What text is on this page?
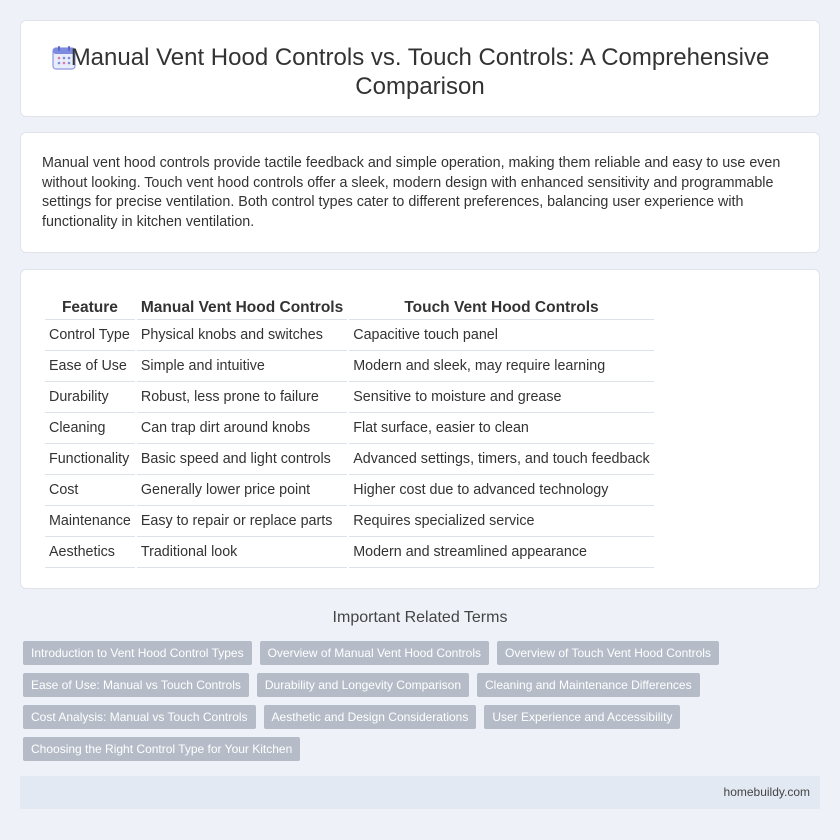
Manual Vent Hood Controls vs. Touch Controls: A Comprehensive Comparison

Manual vent hood controls provide tactile feedback and simple operation, making them reliable and easy to use even without looking. Touch vent hood controls offer a sleek, modern design with enhanced sensitivity and programmable settings for precise ventilation. Both control types cater to different preferences, balancing user experience with functionality in kitchen ventilation.

Feature	Manual Vent Hood Controls	Touch Vent Hood Controls
Control Type	Physical knobs and switches	Capacitive touch panel
Ease of Use	Simple and intuitive	Modern and sleek, may require learning
Durability	Robust, less prone to failure	Sensitive to moisture and grease
Cleaning	Can trap dirt around knobs	Flat surface, easier to clean
Functionality	Basic speed and light controls	Advanced settings, timers, and touch feedback
Cost	Generally lower price point	Higher cost due to advanced technology
Maintenance	Easy to repair or replace parts	Requires specialized service
Aesthetics	Traditional look	Modern and streamlined appearance
Important Related Terms
Introduction to Vent Hood Control Types	Overview of Manual Vent Hood Controls	Overview of Touch Vent Hood Controls
Ease of Use: Manual vs Touch Controls	Durability and Longevity Comparison	Cleaning and Maintenance Differences
Cost Analysis: Manual vs Touch Controls	Aesthetic and Design Considerations	User Experience and Accessibility
Choosing the Right Control Type for Your Kitchen
homebuildy.com
